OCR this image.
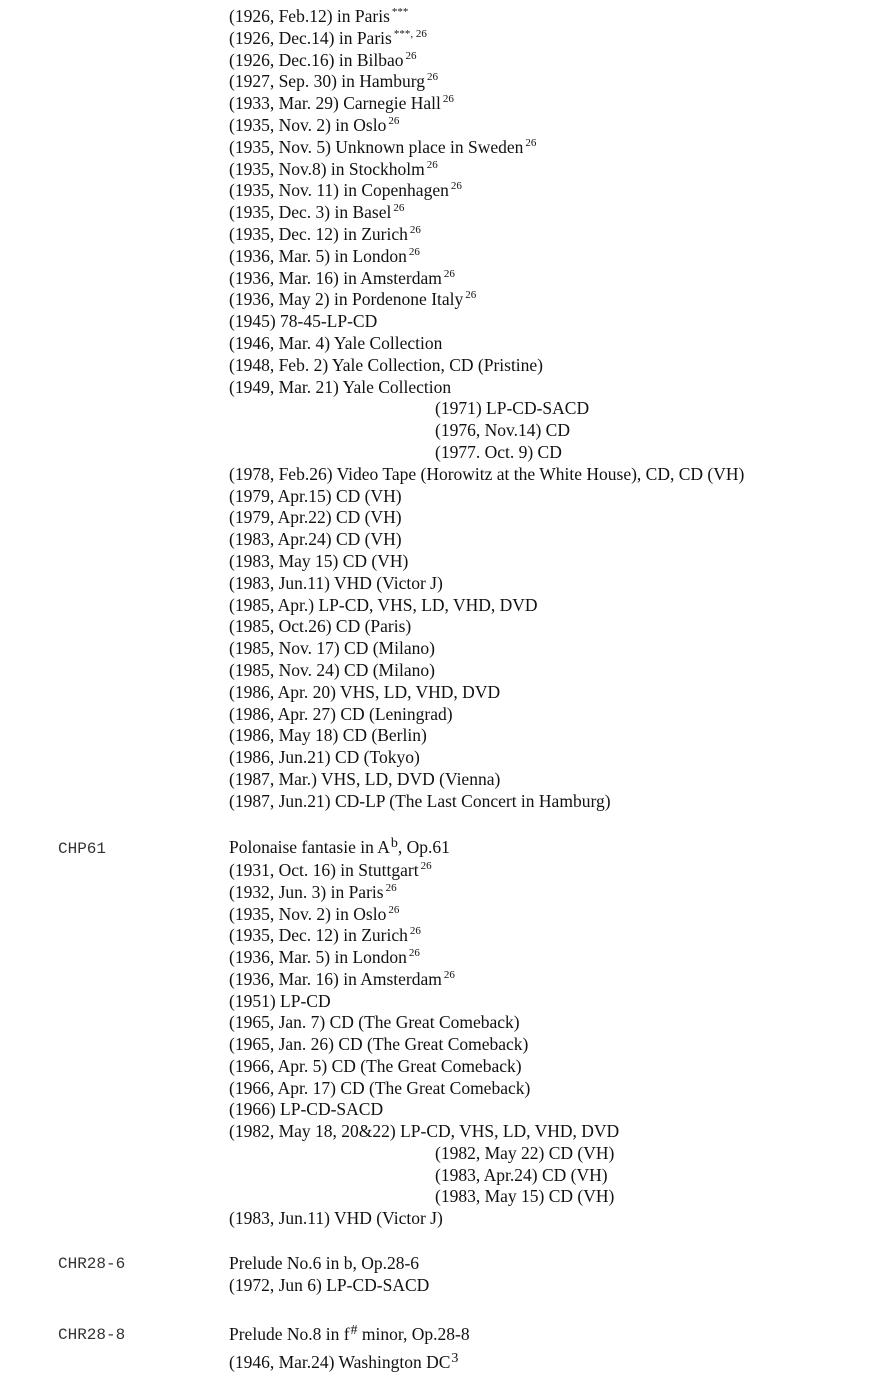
(1926, Feb.12) in Paris ***
(1926, Dec.14) in Paris $^{***, 26}$
(1926, Dec.16) in Bilbao $^{26}$
(1927, Sep. 30) in Hamburg $^{26}$
(1933, Mar. 29) Carnegie Hall $^{26}$
(1935, Nov. 2) in Oslo $^{26}$
(1935, Nov. 5) Unknown place in Sweden $^{26}$
(1935, Nov.8) in Stockholm $^{26}$
(1935, Nov. 11) in Copenhagen $^{26}$
(1935, Dec. 3) in Basel $^{26}$
(1935, Dec. 12) in Zurich $^{26}$
(1936, Mar. 5) in London $^{26}$
(1936, Mar. 16) in Amsterdam $^{26}$
(1936, May 2) in Pordenone Italy $^{26}$
(1945) 78-45-LP-CD
(1946, Mar. 4) Yale Collection
(1948, Feb. 2) Yale Collection, CD (Pristine)
(1949, Mar. 21) Yale Collection
(1971) LP-CD-SACD
(1976, Nov.14) CD
(1977. Oct. 9) CD
(1978, Feb.26) Video Tape (Horowitz at the White House), CD, CD (VH)
(1979, Apr.15) CD (VH)
(1979, Apr.22) CD (VH)
(1983, Apr.24) CD (VH)
(1983, May 15) CD (VH)
(1983, Jun.11) VHD (Victor J)
(1985, Apr.) LP-CD, VHS, LD, VHD, DVD
(1985, Oct.26) CD (Paris)
(1985, Nov. 17) CD (Milano)
(1985, Nov. 24) CD (Milano)
(1986, Apr. 20) VHS, LD, VHD, DVD
(1986, Apr. 27) CD (Leningrad)
(1986, May 18) CD (Berlin)
(1986, Jun.21) CD (Tokyo)
(1987, Mar.) VHS, LD, DVD (Vienna)
(1987, Jun.21) CD-LP (The Last Concert in Hamburg)
CHP61	Polonaise fantasie in $A^b$, Op.61
(1931, Oct. 16) in Stuttgart $^{26}$
(1932, Jun. 3) in Paris $^{26}$
(1935, Nov. 2) in Oslo $^{26}$
(1935, Dec. 12) in Zurich $^{26}$
(1936, Mar. 5) in London $^{26}$
(1936, Mar. 16) in Amsterdam $^{26}$
(1951) LP-CD
(1965, Jan. 7) CD (The Great Comeback)
(1965, Jan. 26) CD (The Great Comeback)
(1966, Apr. 5) CD (The Great Comeback)
(1966, Apr. 17) CD (The Great Comeback)
(1966) LP-CD-SACD
(1982, May 18, 20&22) LP-CD, VHS, LD, VHD, DVD
(1982, May 22) CD (VH)
(1983, Apr.24) CD (VH)
(1983, May 15) CD (VH)
(1983, Jun.11) VHD (Victor J)
CHR28-6	Prelude No.6 in b, Op.28-6
(1972, Jun 6) LP-CD-SACD
CHR28-8	Prelude No.8 in f# minor, Op.28-8
(1946, Mar.24) Washington $DC^3$
